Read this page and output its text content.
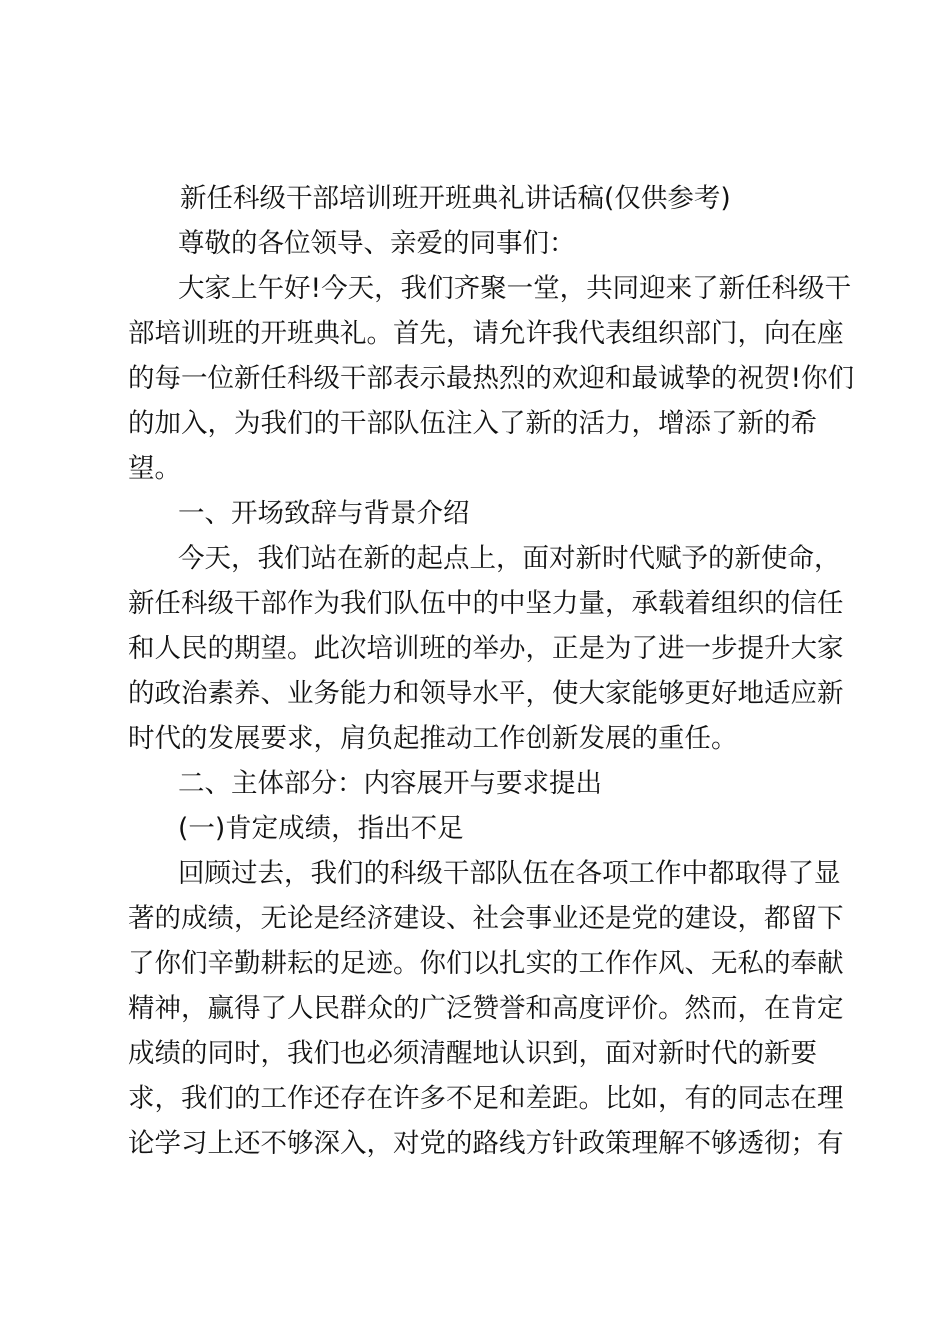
新任科级干部培训班开班典礼讲话稿(仅供参考)
尊敬的各位领导、亲爱的同事们：
大家上午好!今天，我们齐聚一堂，共同迎来了新任科级干
部培训班的开班典礼。首先，请允许我代表组织部门，向在座
的每一位新任科级干部表示最热烈的欢迎和最诚挚的祝贺!你们
的加入，为我们的干部队伍注入了新的活力，增添了新的希
望。
一、开场致辞与背景介绍
今天，我们站在新的起点上，面对新时代赋予的新使命，
新任科级干部作为我们队伍中的中坚力量，承载着组织的信任
和人民的期望。此次培训班的举办，正是为了进一步提升大家
的政治素养、业务能力和领导水平，使大家能够更好地适应新
时代的发展要求，肩负起推动工作创新发展的重任。
二、主体部分：内容展开与要求提出
(一)肯定成绩，指出不足
回顾过去，我们的科级干部队伍在各项工作中都取得了显
著的成绩，无论是经济建设、社会事业还是党的建设，都留下
了你们辛勤耕耘的足迹。你们以扎实的工作作风、无私的奉献
精神，赢得了人民群众的广泛赞誉和高度评价。然而，在肯定
成绩的同时，我们也必须清醒地认识到，面对新时代的新要
求，我们的工作还存在许多不足和差距。比如，有的同志在理
论学习上还不够深入，对党的路线方针政策理解不够透彻；有
